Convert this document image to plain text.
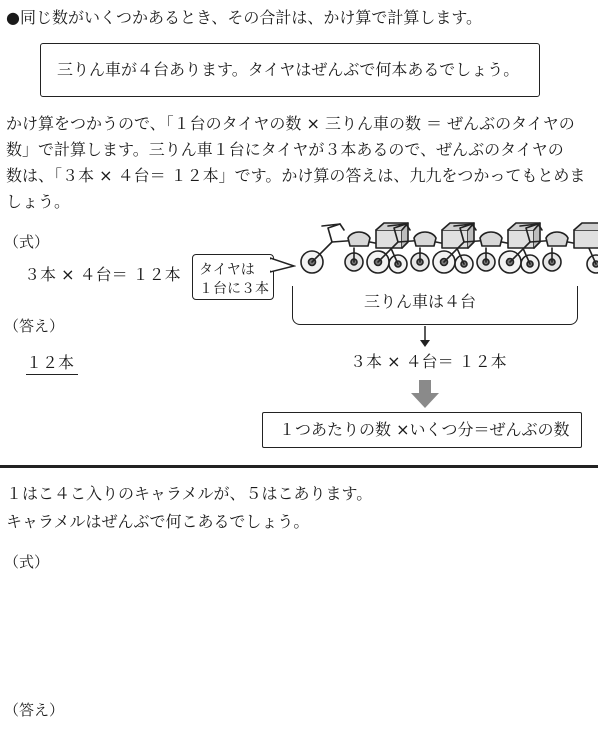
●同じ数がいくつかあるとき、その合計は、かけ算で計算します。
三りん車が４台あります。タイヤはぜんぶで何本あるでしょう。
かけ算をつかうので、「１台のタイヤの数 × 三りん車の数 ＝ ぜんぶのタイヤの
数」で計算します。三りん車１台にタイヤが３本あるので、ぜんぶのタイヤの
数は、「３本 × ４台＝ １２本」です。かけ算の答えは、九九をつかってもとめま
しょう。
（式）
３本 × ４台＝ １２本
（答え）
１２本
タイヤは
１台に３本
三りん車は４台
３本 × ４台＝ １２本
１つあたりの数 ×いくつ分＝ぜんぶの数
１はこ４こ入りのキャラメルが、５はこあります。
キャラメルはぜんぶで何こあるでしょう。
（式）
（答え）
